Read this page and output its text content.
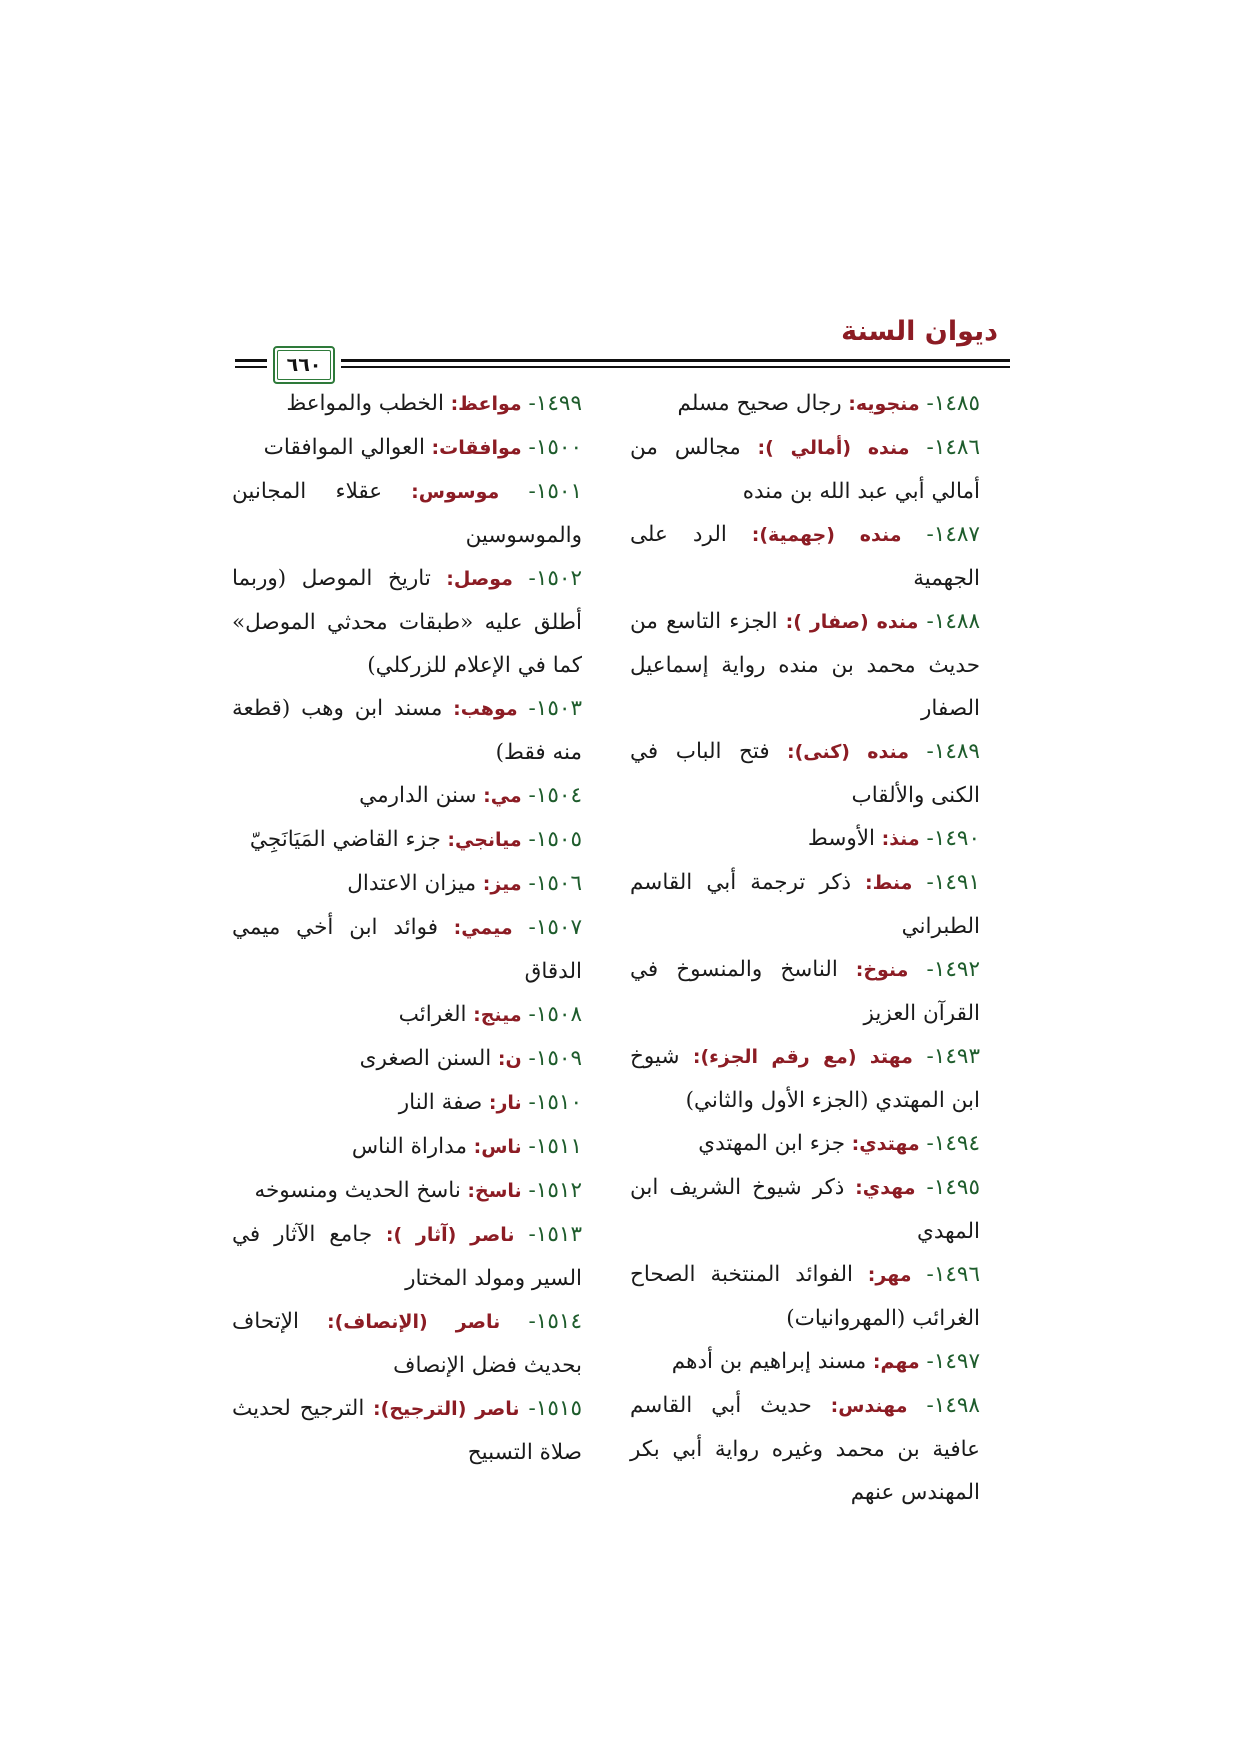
ديوان السنة
٦٦٠

١٤٨٥- منجويه: رجال صحيح مسلم

١٤٨٦- منده (أمالي ): مجالس من أمالي أبي عبد الله بن منده

١٤٨٧- منده (جهمية): الرد على الجهمية

١٤٨٨- منده (صفار ): الجزء التاسع من حديث محمد بن منده رواية إسماعيل الصفار

١٤٨٩- منده (كنى): فتح الباب في الكنى والألقاب

١٤٩٠- منذ: الأوسط

١٤٩١- منط: ذكر ترجمة أبي القاسم الطبراني

١٤٩٢- منوخ: الناسخ والمنسوخ في القرآن العزيز

١٤٩٣- مهتد (مع رقم الجزء): شيوخ ابن المهتدي (الجزء الأول والثاني)

١٤٩٤- مهتدي: جزء ابن المهتدي

١٤٩٥- مهدي: ذكر شيوخ الشريف ابن المهدي

١٤٩٦- مهر: الفوائد المنتخبة الصحاح الغرائب (المهروانيات)

١٤٩٧- مهم: مسند إبراهيم بن أدهم

١٤٩٨- مهندس: حديث أبي القاسم عافية بن محمد وغيره رواية أبي بكر المهندس عنهم

١٤٩٩- مواعظ: الخطب والمواعظ

١٥٠٠- موافقات: العوالي الموافقات

١٥٠١- موسوس: عقلاء المجانين والموسوسين

١٥٠٢- موصل: تاريخ الموصل (وربما أطلق عليه «طبقات محدثي الموصل» كما في الإعلام للزركلي)

١٥٠٣- موهب: مسند ابن وهب (قطعة منه فقط)

١٥٠٤- مي: سنن الدارمي

١٥٠٥- ميانجي: جزء القاضي المَيَانَجِيّ

١٥٠٦- ميز: ميزان الاعتدال

١٥٠٧- ميمي: فوائد ابن أخي ميمي الدقاق

١٥٠٨- مينج: الغرائب

١٥٠٩- ن: السنن الصغرى

١٥١٠- نار: صفة النار

١٥١١- ناس: مداراة الناس

١٥١٢- ناسخ: ناسخ الحديث ومنسوخه

١٥١٣- ناصر (آثار ): جامع الآثار في السير ومولد المختار

١٥١٤- ناصر (الإنصاف): الإتحاف بحديث فضل الإنصاف

١٥١٥- ناصر (الترجيح): الترجيح لحديث صلاة التسبيح
